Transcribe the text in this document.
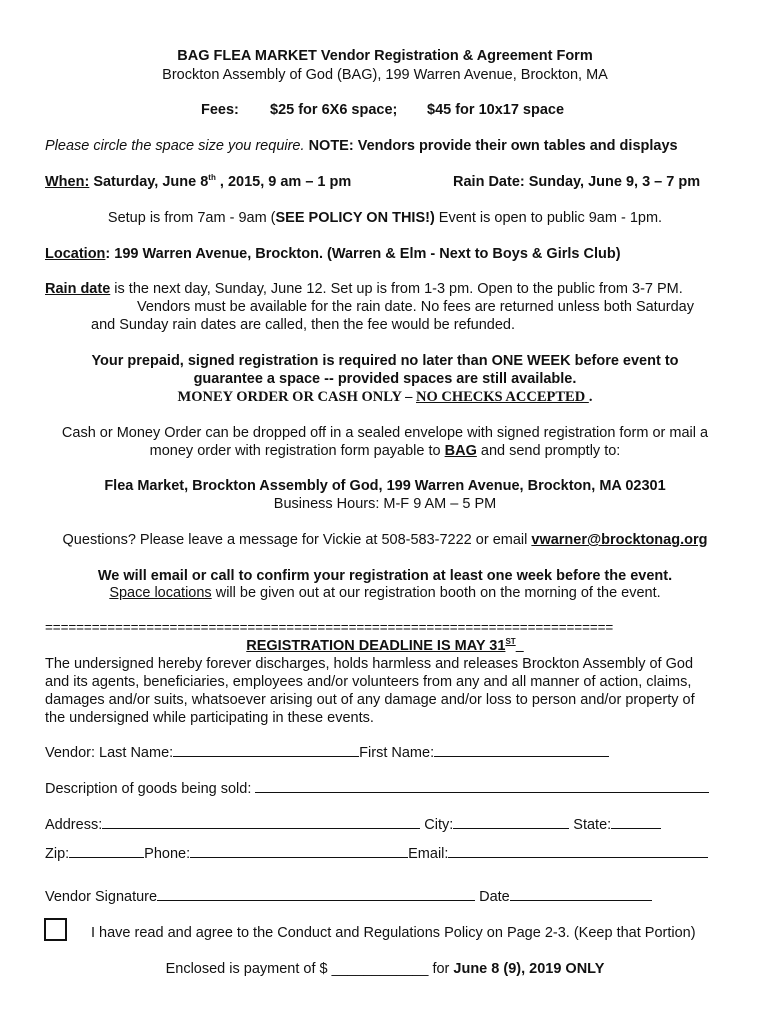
BAG FLEA MARKET Vendor Registration & Agreement Form
Brockton Assembly of God (BAG), 199 Warren Avenue, Brockton, MA
Fees: $25 for 6X6 space; $45 for 10x17 space
Please circle the space size you require. NOTE: Vendors provide their own tables and displays
When: Saturday, June 8th , 2015, 9 am – 1 pm	Rain Date: Sunday, June 9, 3 – 7 pm
Setup is from 7am - 9am (SEE POLICY ON THIS!) Event is open to public 9am - 1pm.
Location: 199 Warren Avenue, Brockton. (Warren & Elm - Next to Boys & Girls Club)
Rain date is the next day, Sunday, June 12. Set up is from 1-3 pm. Open to the public from 3-7 PM.
Vendors must be available for the rain date. No fees are returned unless both Saturday
and Sunday rain dates are called, then the fee would be refunded.
Your prepaid, signed registration is required no later than ONE WEEK before event to
guarantee a space -- provided spaces are still available.
MONEY ORDER OR CASH ONLY – NO CHECKS ACCEPTED .
Cash or Money Order can be dropped off in a sealed envelope with signed registration form or mail a
money order with registration form payable to BAG and send promptly to:
Flea Market, Brockton Assembly of God, 199 Warren Avenue, Brockton, MA 02301
Business Hours: M-F 9 AM – 5 PM
Questions? Please leave a message for Vickie at 508-583-7222 or email vwarner@brocktonag.org
We will email or call to confirm your registration at least one week before the event.
Space locations will be given out at our registration booth on the morning of the event.
=========================================================================
REGISTRATION DEADLINE IS MAY 31ST
The undersigned hereby forever discharges, holds harmless and releases Brockton Assembly of God
and its agents, beneficiaries, employees and/or volunteers from any and all manner of action, claims,
damages and/or suits, whatsoever arising out of any damage and/or loss to person and/or property of
the undersigned while participating in these events.
Vendor: Last Name:	First Name:
Description of goods being sold:
Address:	City:	State:
Zip:	Phone:	Email:
Vendor Signature	Date
I have read and agree to the Conduct and Regulations Policy on Page 2-3. (Keep that Portion)
Enclosed is payment of $ ____________ for June 8 (9), 2019 ONLY
